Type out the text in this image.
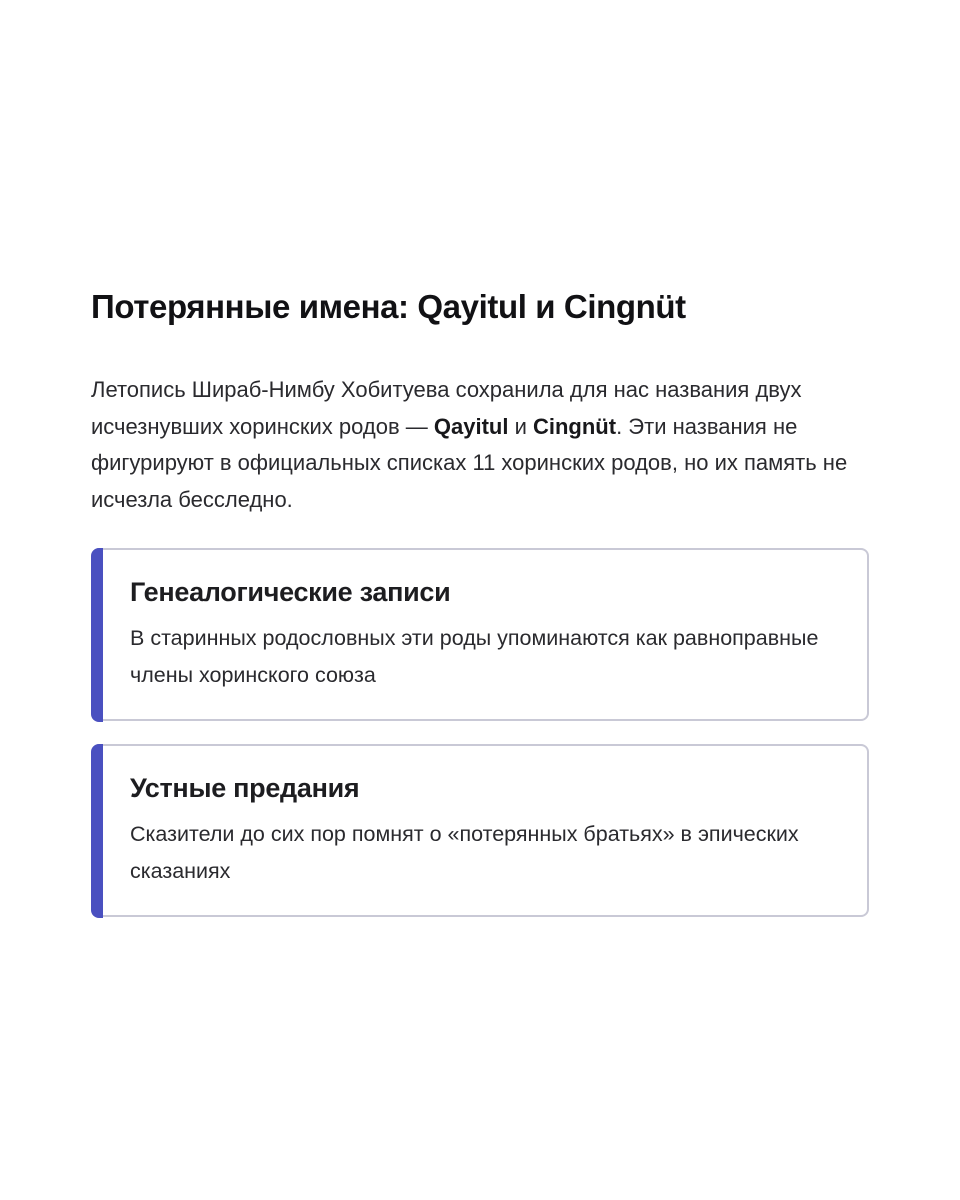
Потерянные имена: Qayitul и Cingnüt

Летопись Шираб-Нимбу Хобитуева сохранила для нас названия двух исчезнувших хоринских родов — Qayitul и Cingnüt. Эти названия не фигурируют в официальных списках 11 хоринских родов, но их память не исчезла бесследно.

Генеалогические записи

В старинных родословных эти роды упоминаются как равноправные члены хоринского союза

Устные предания

Сказители до сих пор помнят о «потерянных братьях» в эпических сказаниях
